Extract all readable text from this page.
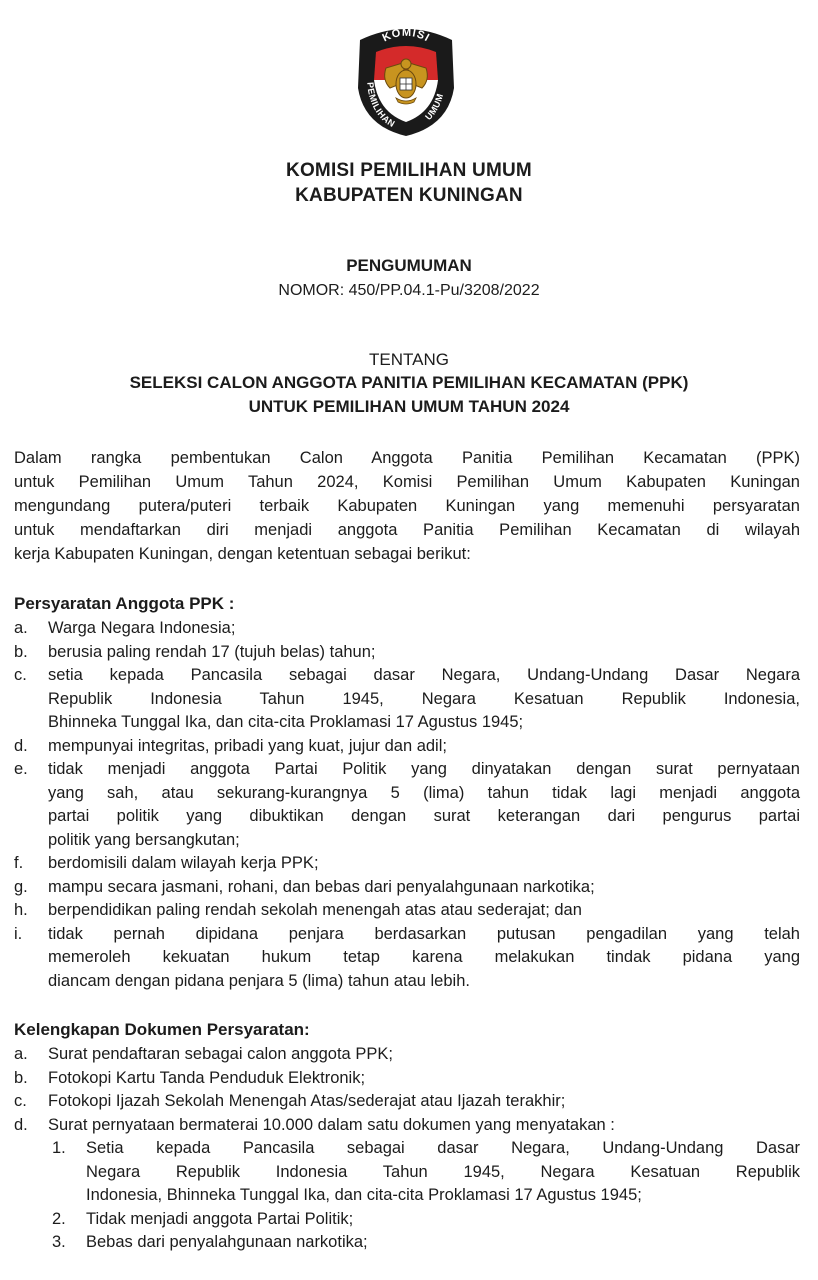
KOMISI
PEMILIHAN
UMUM
KOMISI PEMILIHAN UMUM
KABUPATEN KUNINGAN
PENGUMUMAN
NOMOR: 450/PP.04.1-Pu/3208/2022
TENTANG
SELEKSI CALON ANGGOTA PANITIA PEMILIHAN KECAMATAN (PPK)
UNTUK PEMILIHAN UMUM TAHUN 2024
Dalam rangka pembentukan Calon Anggota Panitia Pemilihan Kecamatan (PPK)
untuk Pemilihan Umum Tahun 2024, Komisi Pemilihan Umum Kabupaten Kuningan
mengundang putera/puteri terbaik Kabupaten Kuningan yang memenuhi persyaratan
untuk mendaftarkan diri menjadi anggota Panitia Pemilihan Kecamatan di wilayah
kerja Kabupaten Kuningan, dengan ketentuan sebagai berikut:
Persyaratan Anggota PPK :
a. Warga Negara Indonesia;
b. berusia paling rendah 17 (tujuh belas) tahun;
c. setia kepada Pancasila sebagai dasar Negara, Undang-Undang Dasar Negara
Republik Indonesia Tahun 1945, Negara Kesatuan Republik Indonesia,
Bhinneka Tunggal Ika, dan cita-cita Proklamasi 17 Agustus 1945;
d. mempunyai integritas, pribadi yang kuat, jujur dan adil;
e. tidak menjadi anggota Partai Politik yang dinyatakan dengan surat pernyataan
yang sah, atau sekurang-kurangnya 5 (lima) tahun tidak lagi menjadi anggota
partai politik yang dibuktikan dengan surat keterangan dari pengurus partai
politik yang bersangkutan;
f. berdomisili dalam wilayah kerja PPK;
g. mampu secara jasmani, rohani, dan bebas dari penyalahgunaan narkotika;
h. berpendidikan paling rendah sekolah menengah atas atau sederajat; dan
i. tidak pernah dipidana penjara berdasarkan putusan pengadilan yang telah
memeroleh kekuatan hukum tetap karena melakukan tindak pidana yang
diancam dengan pidana penjara 5 (lima) tahun atau lebih.
Kelengkapan Dokumen Persyaratan:
a. Surat pendaftaran sebagai calon anggota PPK;
b. Fotokopi Kartu Tanda Penduduk Elektronik;
c. Fotokopi Ijazah Sekolah Menengah Atas/sederajat atau Ijazah terakhir;
d. Surat pernyataan bermaterai 10.000 dalam satu dokumen yang menyatakan :
1. Setia kepada Pancasila sebagai dasar Negara, Undang-Undang Dasar
Negara Republik Indonesia Tahun 1945, Negara Kesatuan Republik
Indonesia, Bhinneka Tunggal Ika, dan cita-cita Proklamasi 17 Agustus 1945;
2. Tidak menjadi anggota Partai Politik;
3. Bebas dari penyalahgunaan narkotika;
